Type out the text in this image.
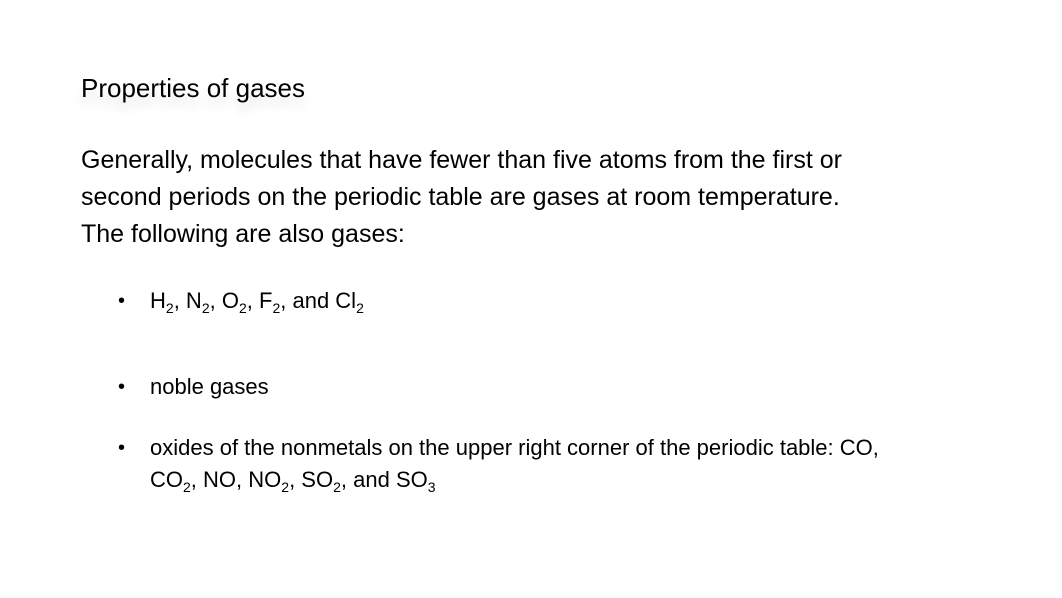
Properties of gases

Generally, molecules that have fewer than five atoms from the first or
second periods on the periodic table are gases at room temperature.
The following are also gases:

• $H_2$, $N_2$, $O_2$, $F_2$, and $Cl_2$
• noble gases
• oxides of the nonmetals on the upper right corner of the periodic table: CO,
$CO_2$, NO, $NO_2$, $SO_2$, and $SO_3$
